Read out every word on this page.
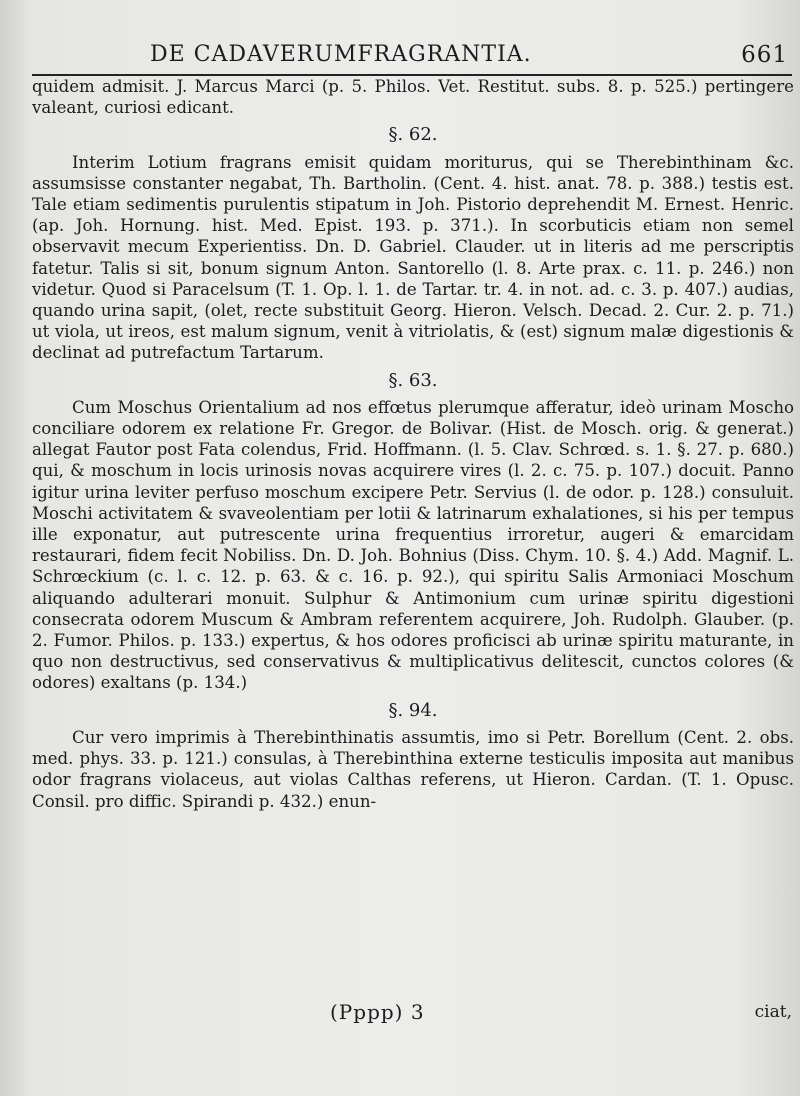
DE CADAVERUMFRAGRANTIA.	661

quidem admisit. J. Marcus Marci (p. 5. Philos. Vet. Restitut. subs. 8. p. 525.) pertingere valeant, curiosi edicant.

§. 62.

Interim Lotium fragrans emisit quidam moriturus, qui se Therebinthinam &c. assumsisse constanter negabat, Th. Bartholin. (Cent. 4. hist. anat. 78. p. 388.) testis est. Tale etiam sedimentis purulentis stipatum in Joh. Pistorio deprehendit M. Ernest. Henric. (ap. Joh. Hornung. hist. Med. Epist. 193. p. 371.). In scorbuticis etiam non semel observavit mecum Experientiss. Dn. D. Gabriel. Clauder. ut in literis ad me perscriptis fatetur. Talis si sit, bonum signum Anton. Santorello (l. 8. Arte prax. c. 11. p. 246.) non videtur. Quod si Paracelsum (T. 1. Op. l. 1. de Tartar. tr. 4. in not. ad. c. 3. p. 407.) audias, quando urina sapit, (olet, recte substituit Georg. Hieron. Velsch. Decad. 2. Cur. 2. p. 71.) ut viola, ut ireos, est malum signum, venit à vitriolatis, & (est) signum malæ digestionis & declinat ad putrefactum Tartarum.

§. 63.

Cum Moschus Orientalium ad nos effœtus plerumque afferatur, ideò urinam Moscho conciliare odorem ex relatione Fr. Gregor. de Bolivar. (Hist. de Mosch. orig. & generat.) allegat Fautor post Fata colendus, Frid. Hoffmann. (l. 5. Clav. Schrœd. s. 1. §. 27. p. 680.) qui, & moschum in locis urinosis novas acquirere vires (l. 2. c. 75. p. 107.) docuit. Panno igitur urina leviter perfuso moschum excipere Petr. Servius (l. de odor. p. 128.) consuluit. Moschi activitatem & svaveolentiam per lotii & latrinarum exhalationes, si his per tempus ille exponatur, aut putrescente urina frequentius irroretur, augeri & emarcidam restaurari, fidem fecit Nobiliss. Dn. D. Joh. Bohnius (Diss. Chym. 10. §. 4.) Add. Magnif. L. Schrœckium (c. l. c. 12. p. 63. & c. 16. p. 92.), qui spiritu Salis Armoniaci Moschum aliquando adulterari monuit. Sulphur & Antimonium cum urinæ spiritu digestioni consecrata odorem Muscum & Ambram referentem acquirere, Joh. Rudolph. Glauber. (p. 2. Fumor. Philos. p. 133.) expertus, & hos odores proficisci ab urinæ spiritu maturante, in quo non destructivus, sed conservativus & multiplicativus delitescit, cunctos colores (& odores) exaltans (p. 134.)

§. 94.

Cur vero imprimis à Therebinthinatis assumtis, imo si Petr. Borellum (Cent. 2. obs. med. phys. 33. p. 121.) consulas, à Therebinthina externe testiculis imposita aut manibus odor fragrans violaceus, aut violas Calthas referens, ut Hieron. Cardan. (T. 1. Opusc. Consil. pro diffic. Spirandi p. 432.) enun-

(Pppp) 3	ciat,
